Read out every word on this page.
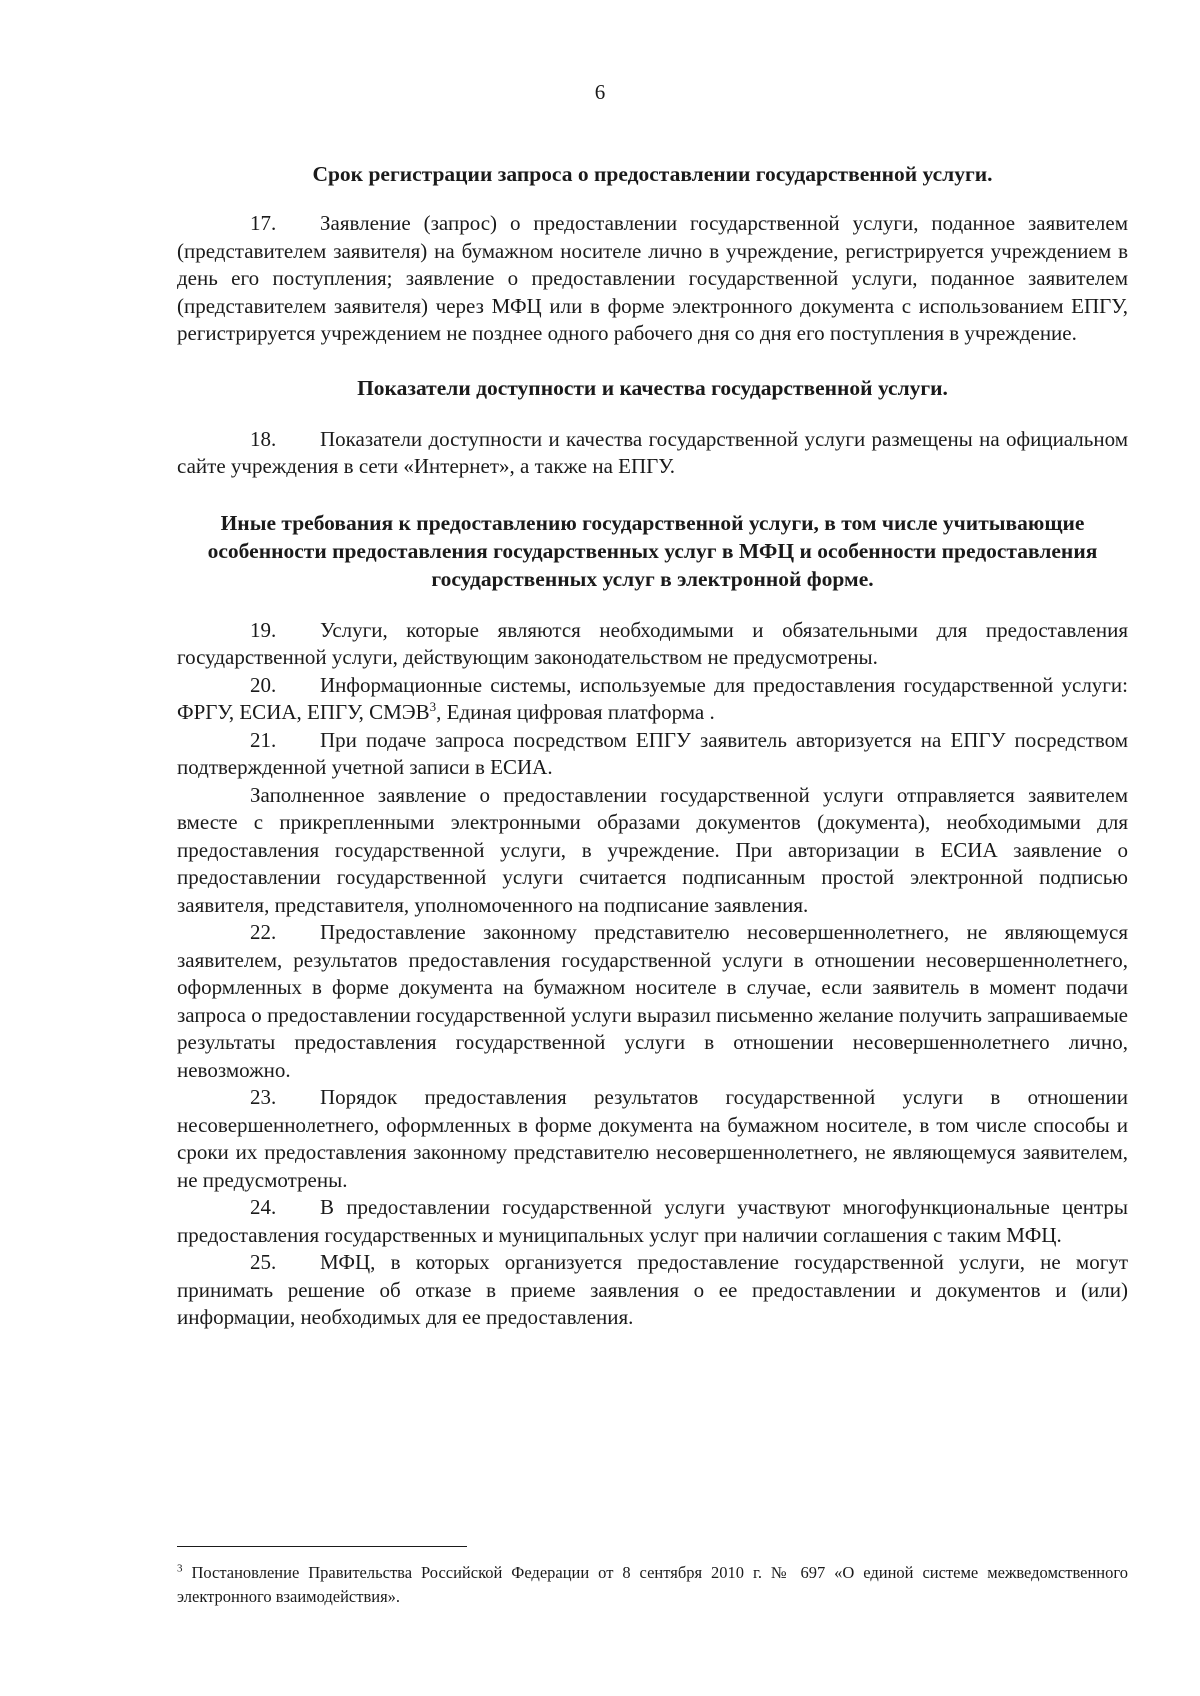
6
Срок регистрации запроса о предоставлении государственной услуги.

17. Заявление (запрос) о предоставлении государственной услуги, поданное заявителем (представителем заявителя) на бумажном носителе лично в учреждение, регистрируется учреждением в день его поступления; заявление о предоставлении государственной услуги, поданное заявителем (представителем заявителя) через МФЦ или в форме электронного документа с использованием ЕПГУ, регистрируется учреждением не позднее одного рабочего дня со дня его поступления в учреждение.

Показатели доступности и качества государственной услуги.

18. Показатели доступности и качества государственной услуги размещены на официальном сайте учреждения в сети «Интернет», а также на ЕПГУ.

Иные требования к предоставлению государственной услуги, в том числе учитывающие особенности предоставления государственных услуг в МФЦ и особенности предоставления государственных услуг в электронной форме.

19. Услуги, которые являются необходимыми и обязательными для предоставления государственной услуги, действующим законодательством не предусмотрены.

20. Информационные системы, используемые для предоставления государственной услуги: ФРГУ, ЕСИА, ЕПГУ, СМЭВ$^3$, Единая цифровая платформа .

21. При подаче запроса посредством ЕПГУ заявитель авторизуется на ЕПГУ посредством подтвержденной учетной записи в ЕСИА.

Заполненное заявление о предоставлении государственной услуги отправляется заявителем вместе с прикрепленными электронными образами документов (документа), необходимыми для предоставления государственной услуги, в учреждение. При авторизации в ЕСИА заявление о предоставлении государственной услуги считается подписанным простой электронной подписью заявителя, представителя, уполномоченного на подписание заявления.

22. Предоставление законному представителю несовершеннолетнего, не являющемуся заявителем, результатов предоставления государственной услуги в отношении несовершеннолетнего, оформленных в форме документа на бумажном носителе в случае, если заявитель в момент подачи запроса о предоставлении государственной услуги выразил письменно желание получить запрашиваемые результаты предоставления государственной услуги в отношении несовершеннолетнего лично, невозможно.

23. Порядок предоставления результатов государственной услуги в отношении несовершеннолетнего, оформленных в форме документа на бумажном носителе, в том числе способы и сроки их предоставления законному представителю несовершеннолетнего, не являющемуся заявителем, не предусмотрены.

24. В предоставлении государственной услуги участвуют многофункциональные центры предоставления государственных и муниципальных услуг при наличии соглашения с таким МФЦ.

25. МФЦ, в которых организуется предоставление государственной услуги, не могут принимать решение об отказе в приеме заявления о ее предоставлении и документов и (или) информации, необходимых для ее предоставления.

$^3$ Постановление Правительства Российской Федерации от 8 сентября 2010 г. № 697 «О единой системе межведомственного электронного взаимодействия».
